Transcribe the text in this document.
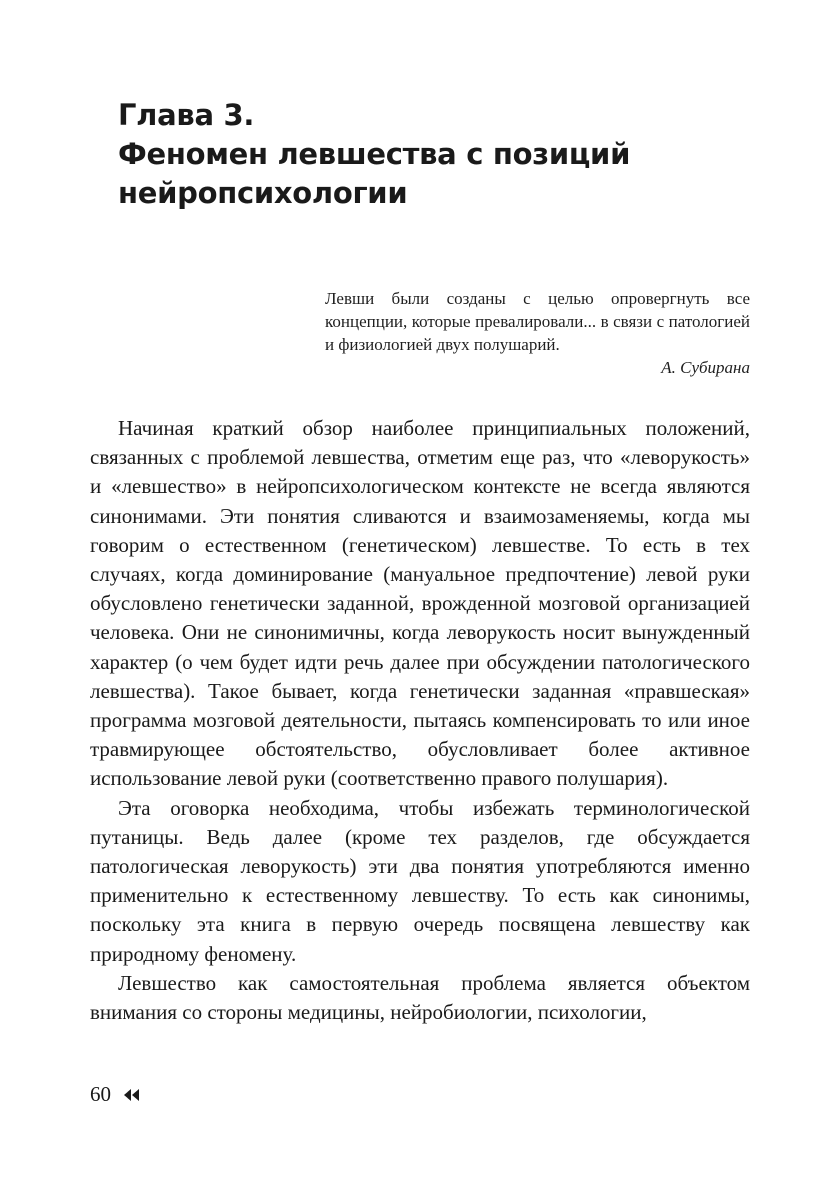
Глава 3.
Феномен левшества с позиций
нейропсихологии

Левши были созданы с целью опровергнуть все концепции, которые превалировали... в связи с патологией и физиологией двух полушарий.

А. Субирана

Начиная краткий обзор наиболее принципиальных положений, связанных с проблемой левшества, отметим еще раз, что «леворукость» и «левшество» в нейропсихологическом контексте не всегда являются синонимами. Эти понятия сливаются и взаимозаменяемы, когда мы говорим о естественном (генетическом) левшестве. То есть в тех случаях, когда доминирование (мануальное предпочтение) левой руки обусловлено генетически заданной, врожденной мозговой организацией человека. Они не синонимичны, когда леворукость носит вынужденный характер (о чем будет идти речь далее при обсуждении патологического левшества). Такое бывает, когда генетически заданная «правшеская» программа мозговой деятельности, пытаясь компенсировать то или иное травмирующее обстоятельство, обусловливает более активное использование левой руки (соответственно правого полушария).

Эта оговорка необходима, чтобы избежать терминологической путаницы. Ведь далее (кроме тех разделов, где обсуждается патологическая леворукость) эти два понятия употребляются именно применительно к естественному левшеству. То есть как синонимы, поскольку эта книга в первую очередь посвящена левшеству как природному феномену.

Левшество как самостоятельная проблема является объектом внимания со стороны медицины, нейробиологии, психологии,

60
